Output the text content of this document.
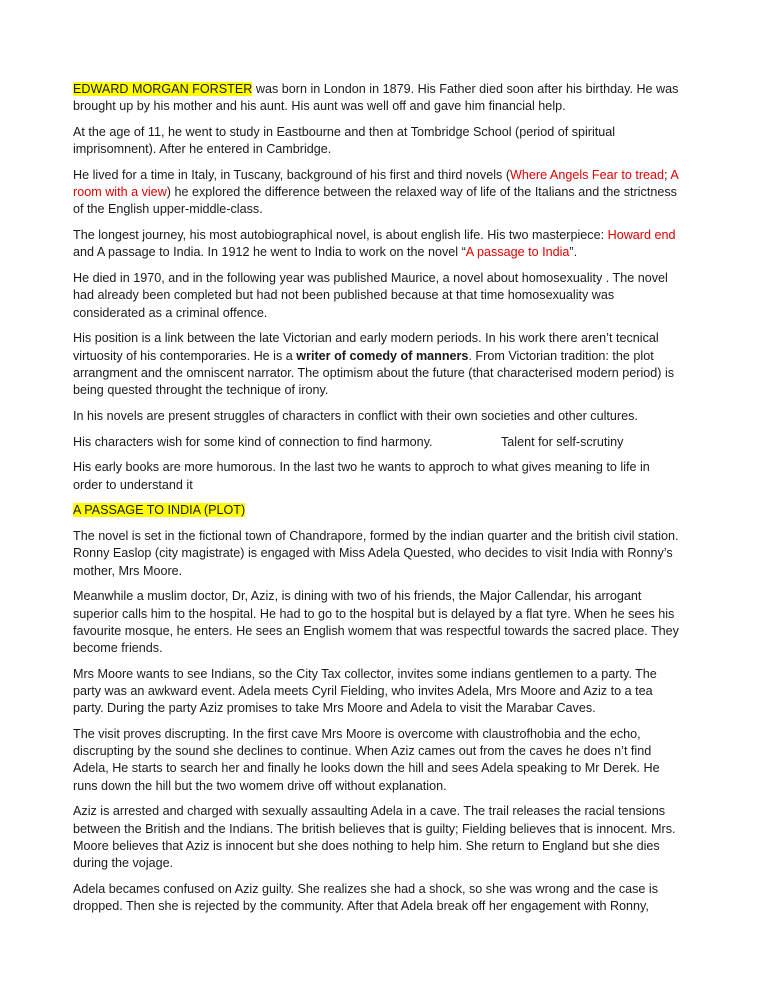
EDWARD MORGAN FORSTER was born in London in 1879. His Father died soon after his birthday. He was brought up by his mother and his aunt. His aunt was well off and gave him financial help.

At the age of 11, he went to study in Eastbourne and then at Tombridge School (period of spiritual imprisomnent). After he entered in Cambridge.

He lived for a time in Italy, in Tuscany, background of his first and third novels (Where Angels Fear to tread; A room with a view) he explored the difference between the relaxed way of life of the Italians and the strictness of the English upper-middle-class.

The longest journey, his most autobiographical novel, is about english life. His two masterpiece: Howard end and A passage to India. In 1912 he went to India to work on the novel “A passage to India”.

He died in 1970, and in the following year was published Maurice, a novel about homosexuality . The novel had already been completed but had not been published because at that time homosexuality was considerated as a criminal offence.

His position is a link between the late Victorian and early modern periods. In his work there aren’t tecnical virtuosity of his contemporaries. He is a writer of comedy of manners. From Victorian tradition: the plot arrangment and the omniscent narrator. The optimism about the future (that characterised modern period) is being quested throught the technique of irony.

In his novels are present struggles of characters in conflict with their own societies and other cultures.

His characters wish for some kind of connection to find harmony.	Talent for self-scrutiny

His early books are more humorous. In the last two he wants to approch to what gives meaning to life in order to understand it

A PASSAGE TO INDIA (PLOT)

The novel is set in the fictional town of Chandrapore, formed by the indian quarter and the british civil station. Ronny Easlop (city magistrate) is engaged with Miss Adela Quested, who decides to visit India with Ronny’s mother, Mrs Moore.

Meanwhile a muslim doctor, Dr, Aziz, is dining with two of his friends, the Major Callendar, his arrogant superior calls him to the hospital. He had to go to the hospital but is delayed by a flat tyre. When he sees his favourite mosque, he enters. He sees an English womem that was respectful towards the sacred place. They become friends.

Mrs Moore wants to see Indians, so the City Tax collector, invites some indians gentlemen to a party. The party was an awkward event. Adela meets Cyril Fielding, who invites Adela, Mrs Moore and Aziz to a tea party. During the party Aziz promises to take Mrs Moore and Adela to visit the Marabar Caves.

The visit proves discrupting. In the first cave Mrs Moore is overcome with claustrofhobia and the echo, discrupting by the sound she declines to continue. When Aziz cames out from the caves he does n’t find Adela, He starts to search her and finally he looks down the hill and sees Adela speaking to Mr Derek. He runs down the hill but the two womem drive off without explanation.

Aziz is arrested and charged with sexually assaulting Adela in a cave. The trail releases the racial tensions between the British and the Indians. The british believes that is guilty; Fielding believes that is innocent. Mrs. Moore believes that Aziz is innocent but she does nothing to help him. She return to England but she dies during the vojage.

Adela becames confused on Aziz guilty. She realizes she had a shock, so she was wrong and the case is dropped. Then she is rejected by the community. After that Adela break off her engagement with Ronny,
